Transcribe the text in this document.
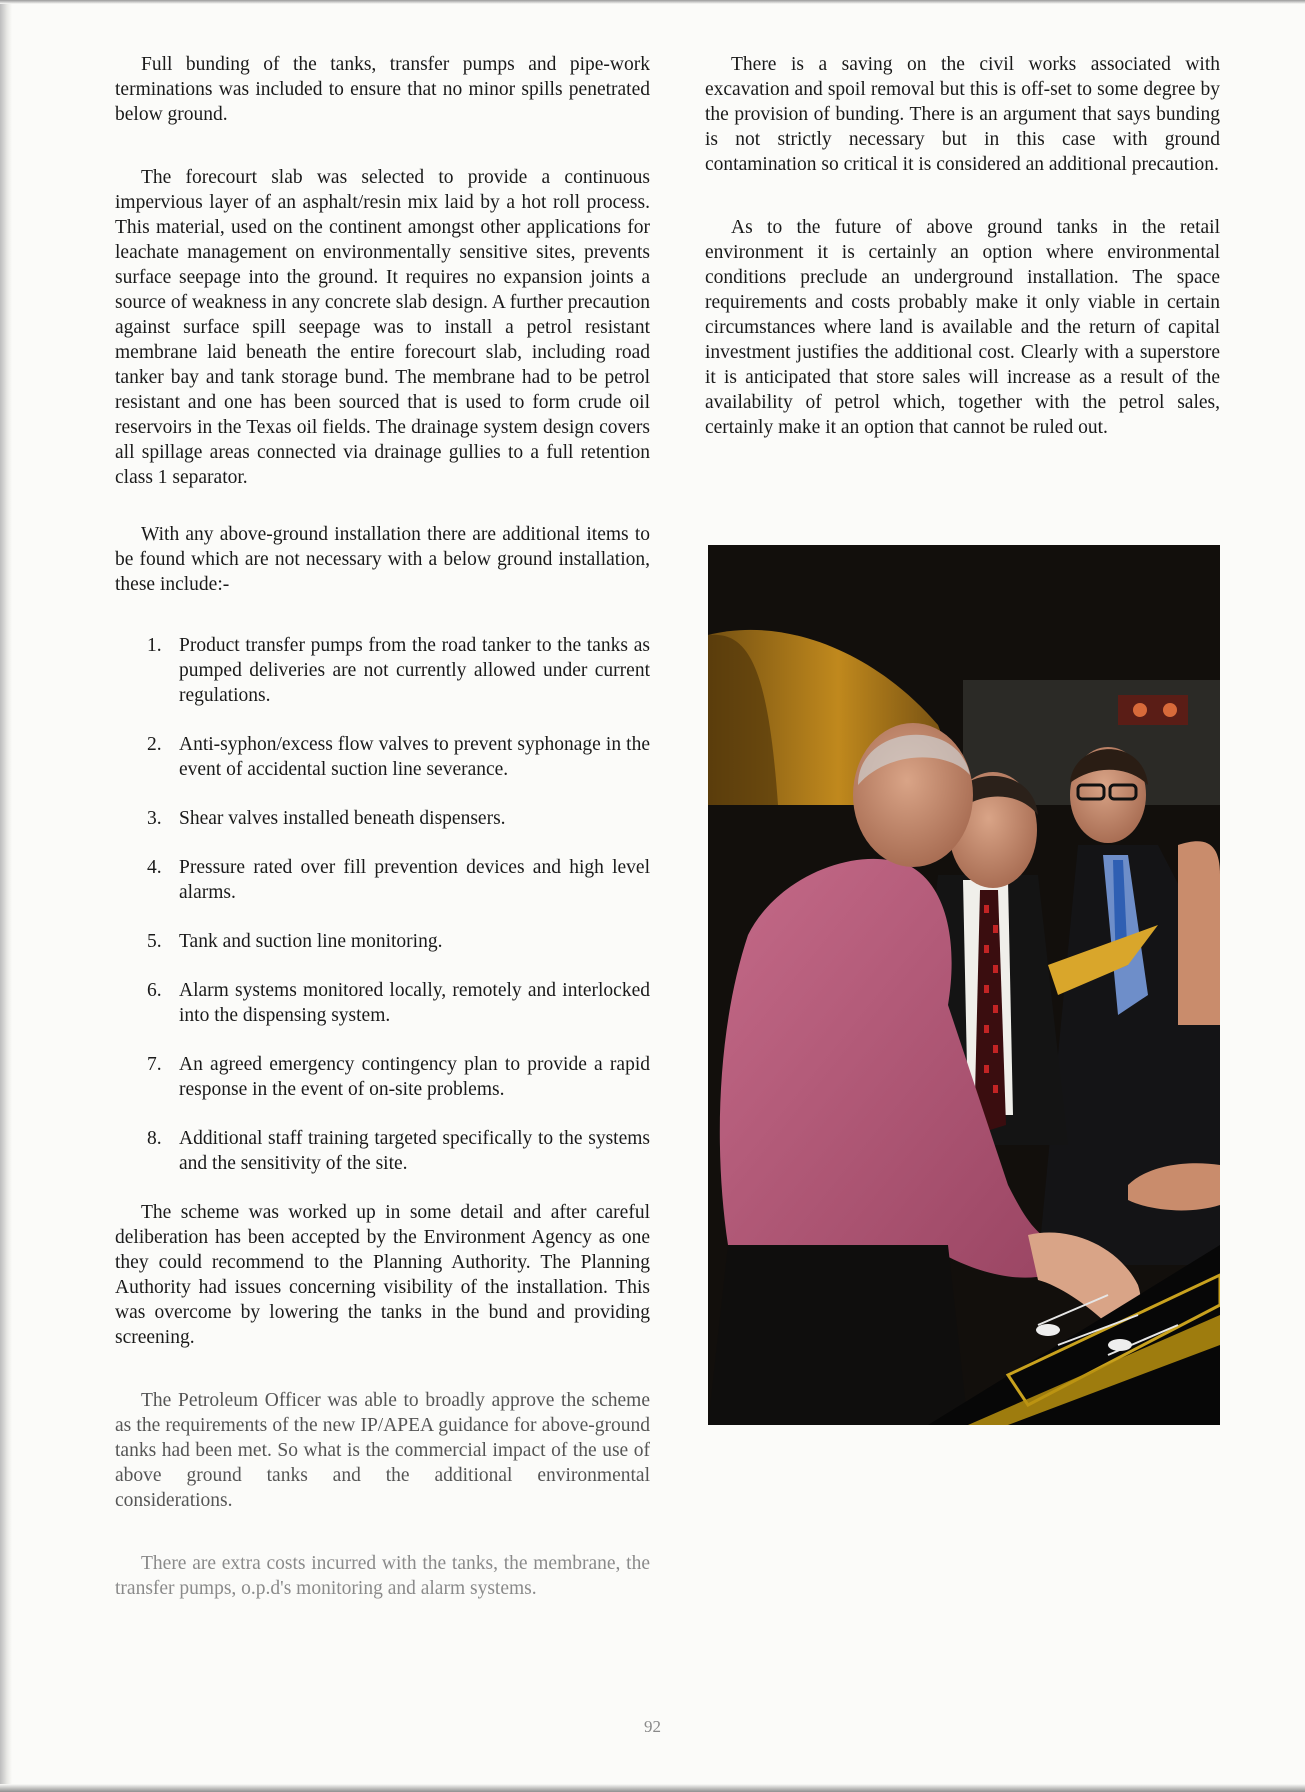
Full bunding of the tanks, transfer pumps and pipe-work terminations was included to ensure that no minor spills penetrated below ground.

The forecourt slab was selected to provide a continuous impervious layer of an asphalt/resin mix laid by a hot roll process. This material, used on the continent amongst other applications for leachate management on environmentally sensitive sites, prevents surface seepage into the ground. It requires no expansion joints a source of weakness in any concrete slab design. A further precaution against surface spill seepage was to install a petrol resistant membrane laid beneath the entire forecourt slab, including road tanker bay and tank storage bund. The membrane had to be petrol resistant and one has been sourced that is used to form crude oil reservoirs in the Texas oil fields. The drainage system design covers all spillage areas connected via drainage gullies to a full retention class 1 separator.

With any above-ground installation there are additional items to be found which are not necessary with a below ground installation, these include:-

1. Product transfer pumps from the road tanker to the tanks as pumped deliveries are not currently allowed under current regulations.
2. Anti-syphon/excess flow valves to prevent syphonage in the event of accidental suction line severance.
3. Shear valves installed beneath dispensers.
4. Pressure rated over fill prevention devices and high level alarms.
5. Tank and suction line monitoring.
6. Alarm systems monitored locally, remotely and interlocked into the dispensing system.
7. An agreed emergency contingency plan to provide a rapid response in the event of on-site problems.
8. Additional staff training targeted specifically to the systems and the sensitivity of the site.

The scheme was worked up in some detail and after careful deliberation has been accepted by the Environment Agency as one they could recommend to the Planning Authority. The Planning Authority had issues concerning visibility of the installation. This was overcome by lowering the tanks in the bund and providing screening.

The Petroleum Officer was able to broadly approve the scheme as the requirements of the new IP/APEA guidance for above-ground tanks had been met. So what is the commercial impact of the use of above ground tanks and the additional environmental considerations.

There are extra costs incurred with the tanks, the membrane, the transfer pumps, o.p.d's monitoring and alarm systems.

There is a saving on the civil works associated with excavation and spoil removal but this is off-set to some degree by the provision of bunding. There is an argument that says bunding is not strictly necessary but in this case with ground contamination so critical it is considered an additional precaution.

As to the future of above ground tanks in the retail environment it is certainly an option where environmental conditions preclude an underground installation. The space requirements and costs probably make it only viable in certain circumstances where land is available and the return of capital investment justifies the additional cost. Clearly with a superstore it is anticipated that store sales will increase as a result of the availability of petrol which, together with the petrol sales, certainly make it an option that cannot be ruled out.

92
